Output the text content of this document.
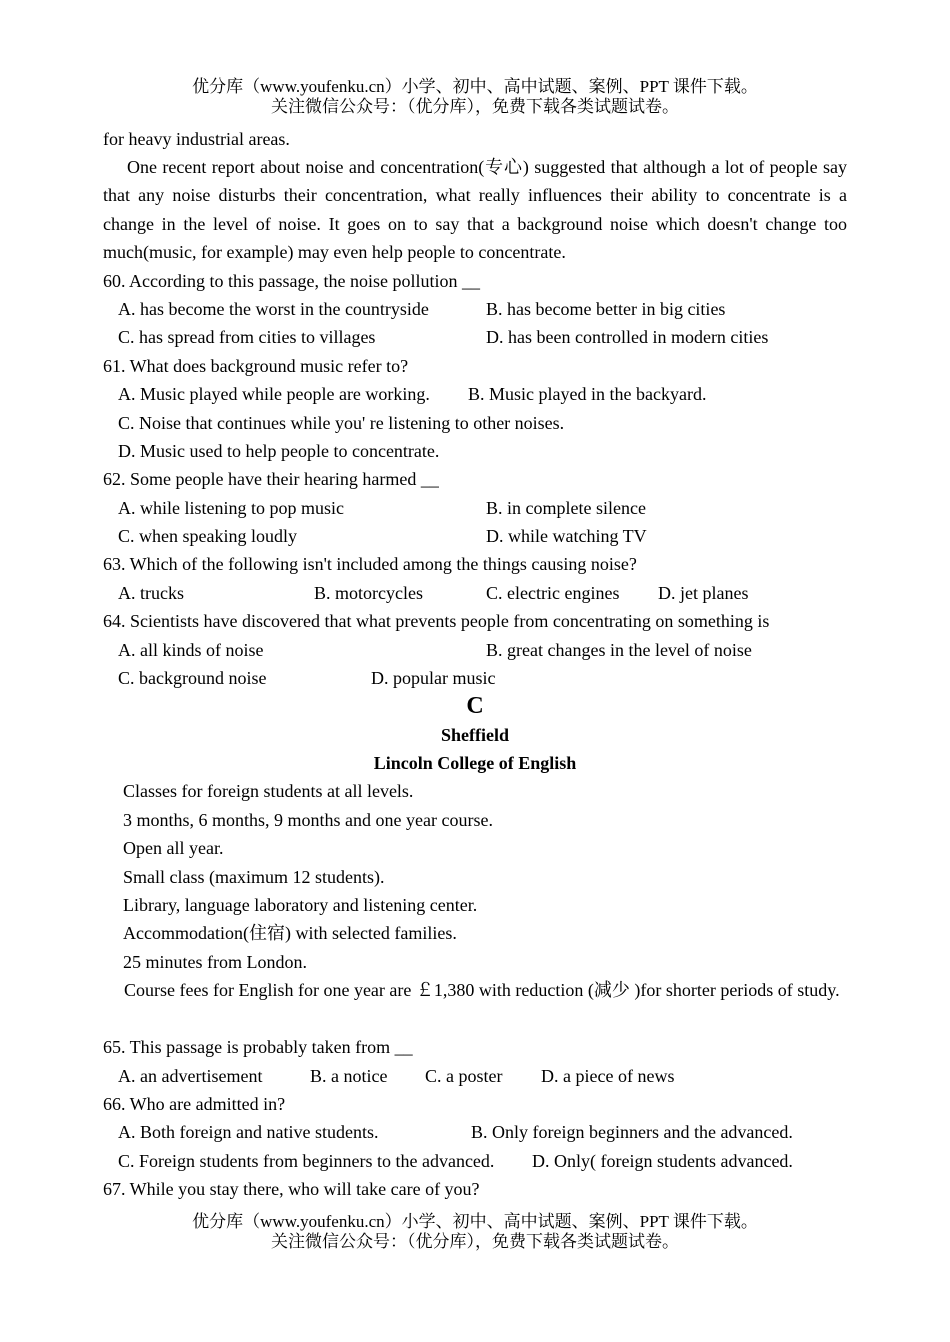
优分库（www.youfenku.cn）小学、初中、高中试题、案例、PPT 课件下载。
关注微信公众号：（优分库），免费下载各类试题试卷。
for heavy industrial areas.
One recent report about noise and concentration(专心) suggested that although a lot of people say that any noise disturbs their concentration, what really influences their ability to concentrate is a change in the level of noise. It goes on to say that a background noise which doesn't change too much(music, for example) may even help people to concentrate.
60. According to this passage, the noise pollution __
A. has become the worst in the countryside	B. has become better in big cities
C. has spread from cities to villages	D. has been controlled in modern cities
61. What does background music refer to?
A. Music played while people are working. B. Music played in the backyard.
C. Noise that continues while you' re listening to other noises.
D. Music used to help people to concentrate.
62. Some people have their hearing harmed __
A. while listening to pop music	B. in complete silence
C. when speaking loudly	D. while watching TV
63. Which of the following isn't included among the things causing noise?
A. trucks	B. motorcycles	C. electric engines D. jet planes
64. Scientists have discovered that what prevents people from concentrating on something is
A. all kinds of noise	B. great changes in the level of noise
C. background noise	D. popular music
C
Sheffield
Lincoln College of English
Classes for foreign students at all levels.
3 months, 6 months, 9 months and one year course.
Open all year.
Small class (maximum 12 students).
Library, language laboratory and listening center.
Accommodation(住宿) with selected families.
25 minutes from London.
Course fees for English for one year are ￡1,380 with reduction (减少 )for shorter periods of study.
65. This passage is probably taken from __
A. an advertisement	B. a notice C. a poster D. a piece of news
66. Who are admitted in?
A. Both foreign and native students.	B. Only foreign beginners and the advanced.
C. Foreign students from beginners to the advanced. D. Only( foreign students advanced.
67. While you stay there, who will take care of you?
优分库（www.youfenku.cn）小学、初中、高中试题、案例、PPT 课件下载。
关注微信公众号：（优分库），免费下载各类试题试卷。
